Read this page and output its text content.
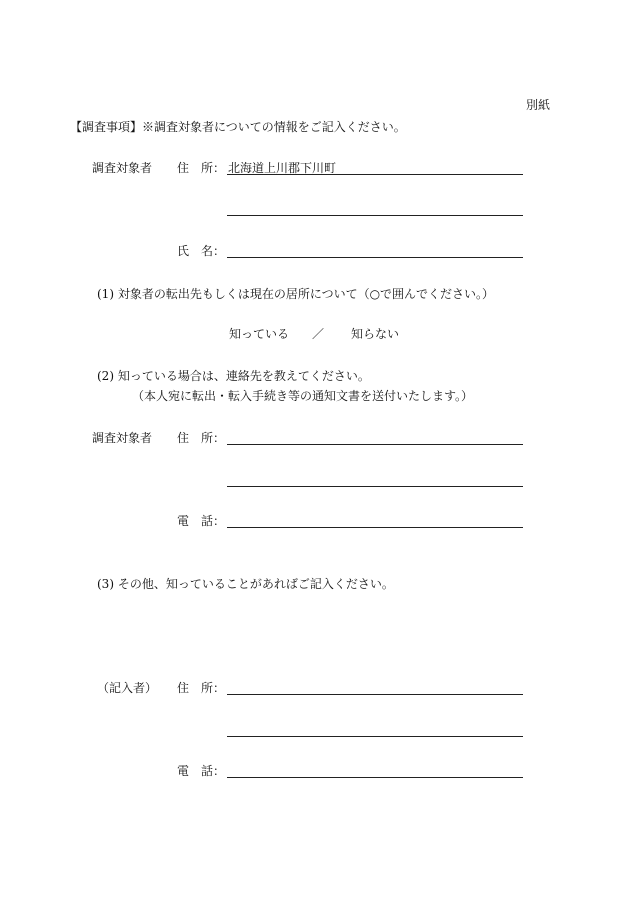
別紙
【調査事項】※調査対象者についての情報をご記入ください。
調査対象者 住　所： 北海道上川郡下川町
氏　名：
(1) 対象者の転出先もしくは現在の居所について（○で囲んでください。）
知っている ／ 知らない
(2) 知っている場合は、連絡先を教えてください。
（本人宛に転出・転入手続き等の通知文書を送付いたします。）
調査対象者 住　所：
電　話：
(3) その他、知っていることがあればご記入ください。
（記入者） 住　所：
電　話：
